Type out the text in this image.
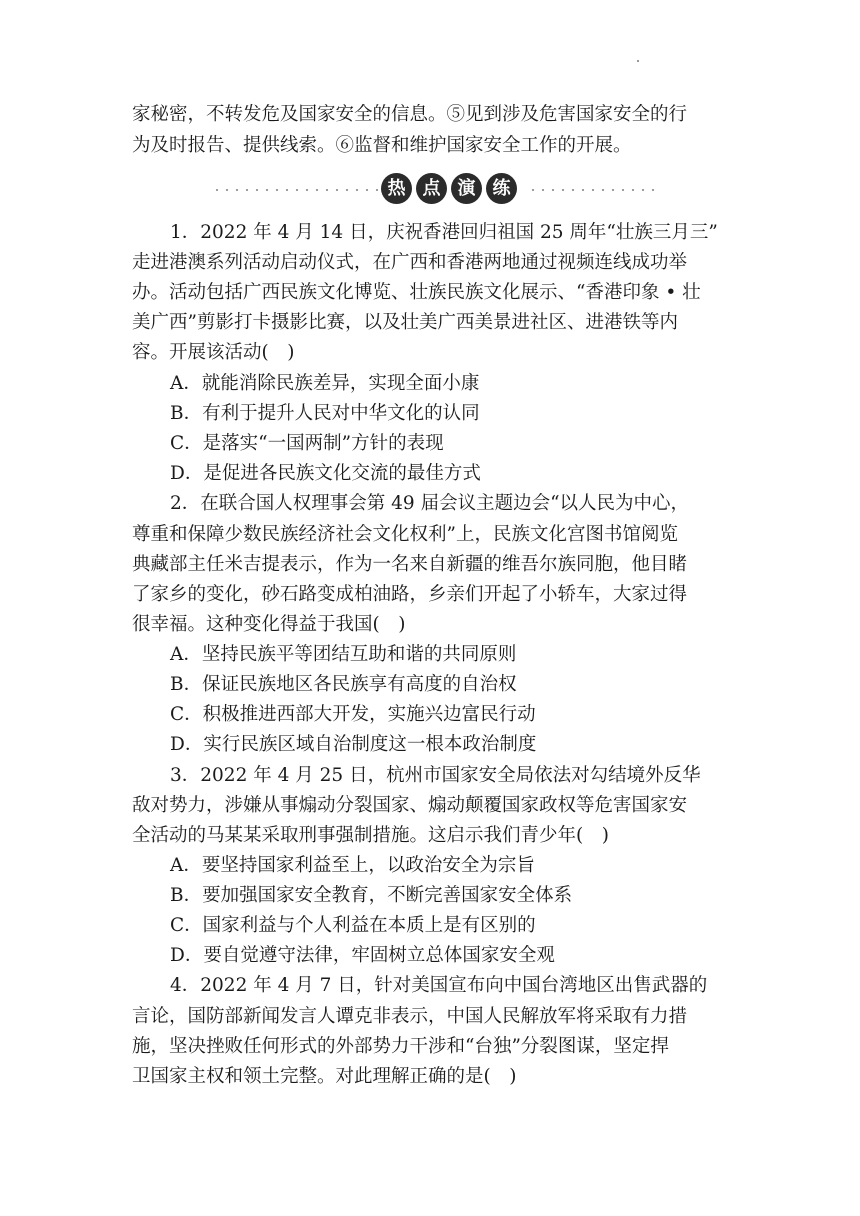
家秘密，不转发危及国家安全的信息。⑤见到涉及危害国家安全的行
为及时报告、提供线索。⑥监督和维护国家安全工作的开展。
热 点 演 练
1．2022 年 4 月 14 日，庆祝香港回归祖国 25 周年“壮族三月三”
走进港澳系列活动启动仪式，在广西和香港两地通过视频连线成功举
办。活动包括广西民族文化博览、壮族民族文化展示、“香港印象 • 壮
美广西”剪影打卡摄影比赛，以及壮美广西美景进社区、进港铁等内
容。开展该活动(　)
A．就能消除民族差异，实现全面小康
B．有利于提升人民对中华文化的认同
C．是落实“一国两制”方针的表现
D．是促进各民族文化交流的最佳方式
2．在联合国人权理事会第 49 届会议主题边会“以人民为中心，
尊重和保障少数民族经济社会文化权利”上，民族文化宫图书馆阅览
典藏部主任米吉提表示，作为一名来自新疆的维吾尔族同胞，他目睹
了家乡的变化，砂石路变成柏油路，乡亲们开起了小轿车，大家过得
很幸福。这种变化得益于我国(　)
A．坚持民族平等团结互助和谐的共同原则
B．保证民族地区各民族享有高度的自治权
C．积极推进西部大开发，实施兴边富民行动
D．实行民族区域自治制度这一根本政治制度
3．2022 年 4 月 25 日，杭州市国家安全局依法对勾结境外反华
敌对势力，涉嫌从事煽动分裂国家、煽动颠覆国家政权等危害国家安
全活动的马某某采取刑事强制措施。这启示我们青少年(　)
A．要坚持国家利益至上，以政治安全为宗旨
B．要加强国家安全教育，不断完善国家安全体系
C．国家利益与个人利益在本质上是有区别的
D．要自觉遵守法律，牢固树立总体国家安全观
4．2022 年 4 月 7 日，针对美国宣布向中国台湾地区出售武器的
言论，国防部新闻发言人谭克非表示，中国人民解放军将采取有力措
施，坚决挫败任何形式的外部势力干涉和“台独”分裂图谋，坚定捍
卫国家主权和领土完整。对此理解正确的是(　)
